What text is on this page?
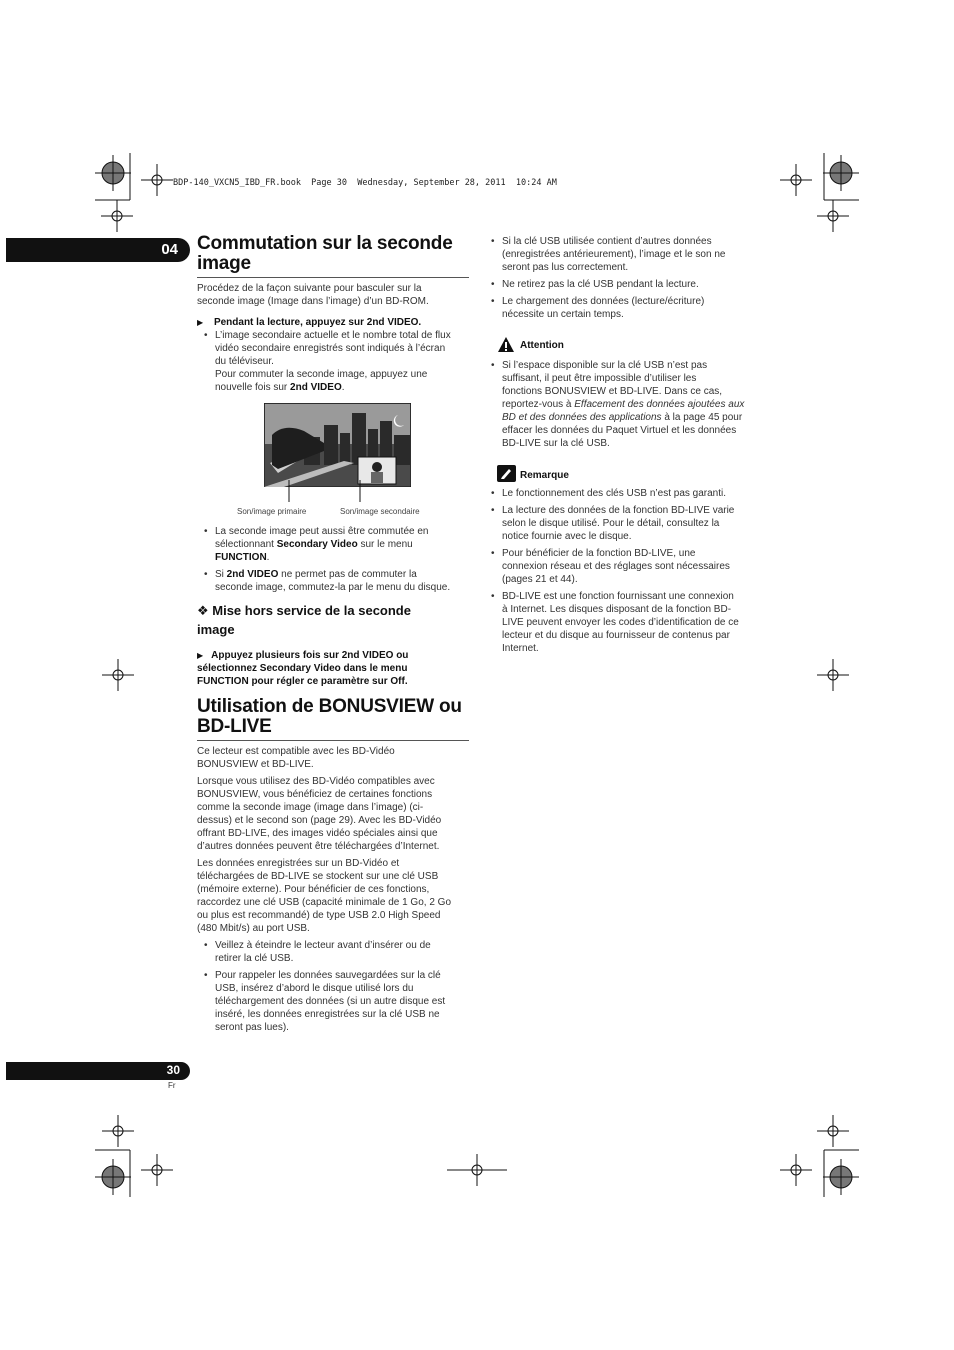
BDP-140_VXCN5_IBD_FR.book  Page 30  Wednesday, September 28, 2011  10:24 AM
04 Commutation sur la seconde
image
Procédez de la façon suivante pour basculer sur la
seconde image (Image dans l’image) d’un BD-ROM.
▶ Pendant la lecture, appuyez sur 2nd VIDEO.
• L’image secondaire actuelle et le nombre total de flux
vidéo secondaire enregistrés sont indiqués à l’écran
du téléviseur.
Pour commuter la seconde image, appuyez une
nouvelle fois sur 2nd VIDEO.
Son/image primaire	Son/image secondaire
• La seconde image peut aussi être commutée en
sélectionnant Secondary Video sur le menu
FUNCTION.
• Si 2nd VIDEO ne permet pas de commuter la
seconde image, commutez-la par le menu du disque.
❖ Mise hors service de la seconde
image
▶ Appuyez plusieurs fois sur 2nd VIDEO ou
sélectionnez Secondary Video dans le menu
FUNCTION pour régler ce paramètre sur Off.
Utilisation de BONUSVIEW ou
BD-LIVE
Ce lecteur est compatible avec les BD-Vidéo
BONUSVIEW et BD-LIVE.
Lorsque vous utilisez des BD-Vidéo compatibles avec
BONUSVIEW, vous bénéficiez de certaines fonctions
comme la seconde image (image dans l’image) (ci-
dessus) et le second son (page 29). Avec les BD-Vidéo
offrant BD-LIVE, des images vidéo spéciales ainsi que
d’autres données peuvent être téléchargées d’Internet.
Les données enregistrées sur un BD-Vidéo et
téléchargées de BD-LIVE se stockent sur une clé USB
(mémoire externe). Pour bénéficier de ces fonctions,
raccordez une clé USB (capacité minimale de 1 Go, 2 Go
ou plus est recommandé) de type USB 2.0 High Speed
(480 Mbit/s) au port USB.
• Veillez à éteindre le lecteur avant d’insérer ou de
retirer la clé USB.
• Pour rappeler les données sauvegardées sur la clé
USB, insérez d’abord le disque utilisé lors du
téléchargement des données (si un autre disque est
inséré, les données enregistrées sur la clé USB ne
seront pas lues).
• Si la clé USB utilisée contient d’autres données
(enregistrées antérieurement), l’image et le son ne
seront pas lus correctement.
• Ne retirez pas la clé USB pendant la lecture.
• Le chargement des données (lecture/écriture)
nécessite un certain temps.
Attention
• Si l’espace disponible sur la clé USB n’est pas
suffisant, il peut être impossible d’utiliser les
fonctions BONUSVIEW et BD-LIVE. Dans ce cas,
reportez-vous à Effacement des données ajoutées aux
BD et des données des applications à la page 45 pour
effacer les données du Paquet Virtuel et les données
BD-LIVE sur la clé USB.
Remarque
• Le fonctionnement des clés USB n’est pas garanti.
• La lecture des données de la fonction BD-LIVE varie
selon le disque utilisé. Pour le détail, consultez la
notice fournie avec le disque.
• Pour bénéficier de la fonction BD-LIVE, une
connexion réseau et des réglages sont nécessaires
(pages 21 et 44).
• BD-LIVE est une fonction fournissant une connexion
à Internet. Les disques disposant de la fonction BD-
LIVE peuvent envoyer les codes d’identification de ce
lecteur et du disque au fournisseur de contenus par
Internet.
30
Fr
